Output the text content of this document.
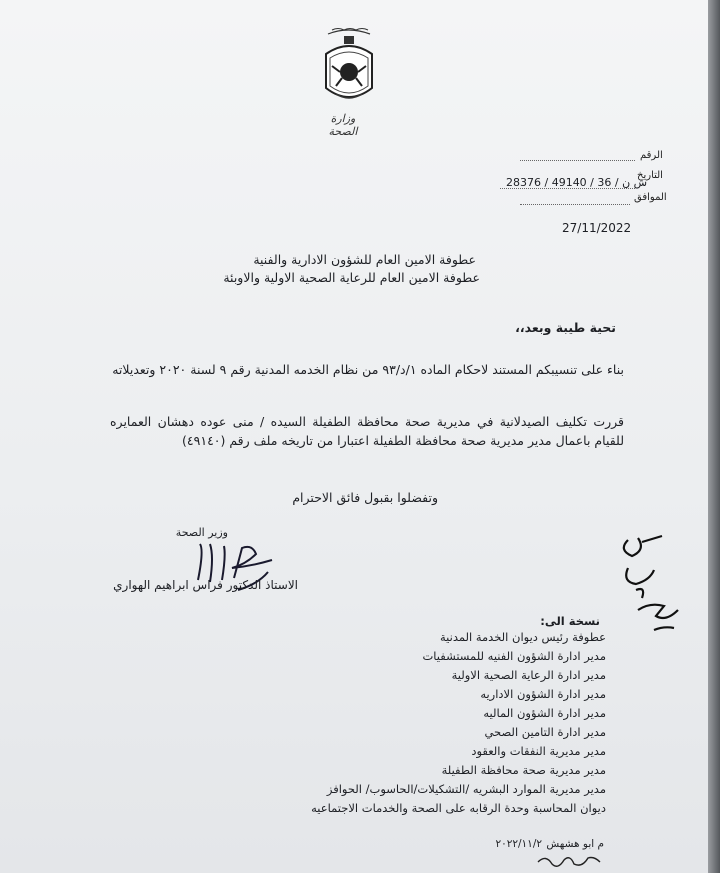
وزارة الصحة
الرقم
التاريخ
الموافق
28376 / 49140 / 36 / ش ن
27/11/2022
عطوفة الامين العام للشؤون الادارية والفنية
عطوفة الامين العام للرعاية الصحية الاولية والاوبئة
تحية طيبة وبعد،،
بناء على تنسيبكم المستند لاحكام الماده ١/د/٩٣ من نظام الخدمه المدنية رقم ٩ لسنة ٢٠٢٠ وتعديلاته
قررت تكليف الصيدلانية في مديرية صحة محافظة الطفيلة السيده / منى عوده دهشان العمايره للقيام باعمال مدير مديرية صحة محافظة الطفيلة اعتبارا من تاريخه ملف رقم (٤٩١٤٠)
وتفضلوا بقبول فائق الاحترام
وزير الصحة
الاستاذ الدكتور فراس ابراهيم الهواري
نسخة الى:
عطوفة رئيس ديوان الخدمة المدنية
مدير ادارة الشؤون الفنيه للمستشفيات
مدير ادارة الرعاية الصحية الاولية
مدير ادارة الشؤون الاداريه
مدير ادارة الشؤون الماليه
مدير ادارة التامين الصحي
مدير مديرية النفقات والعقود
مدير مديرية صحة محافظة الطفيلة
مدير مديرية الموارد البشريه /التشكيلات/الحاسوب/ الحوافز
ديوان المحاسبة وحدة الرقابه على الصحة والخدمات الاجتماعيه
م ابو هشهش
٢٠٢٢/١١/٢
